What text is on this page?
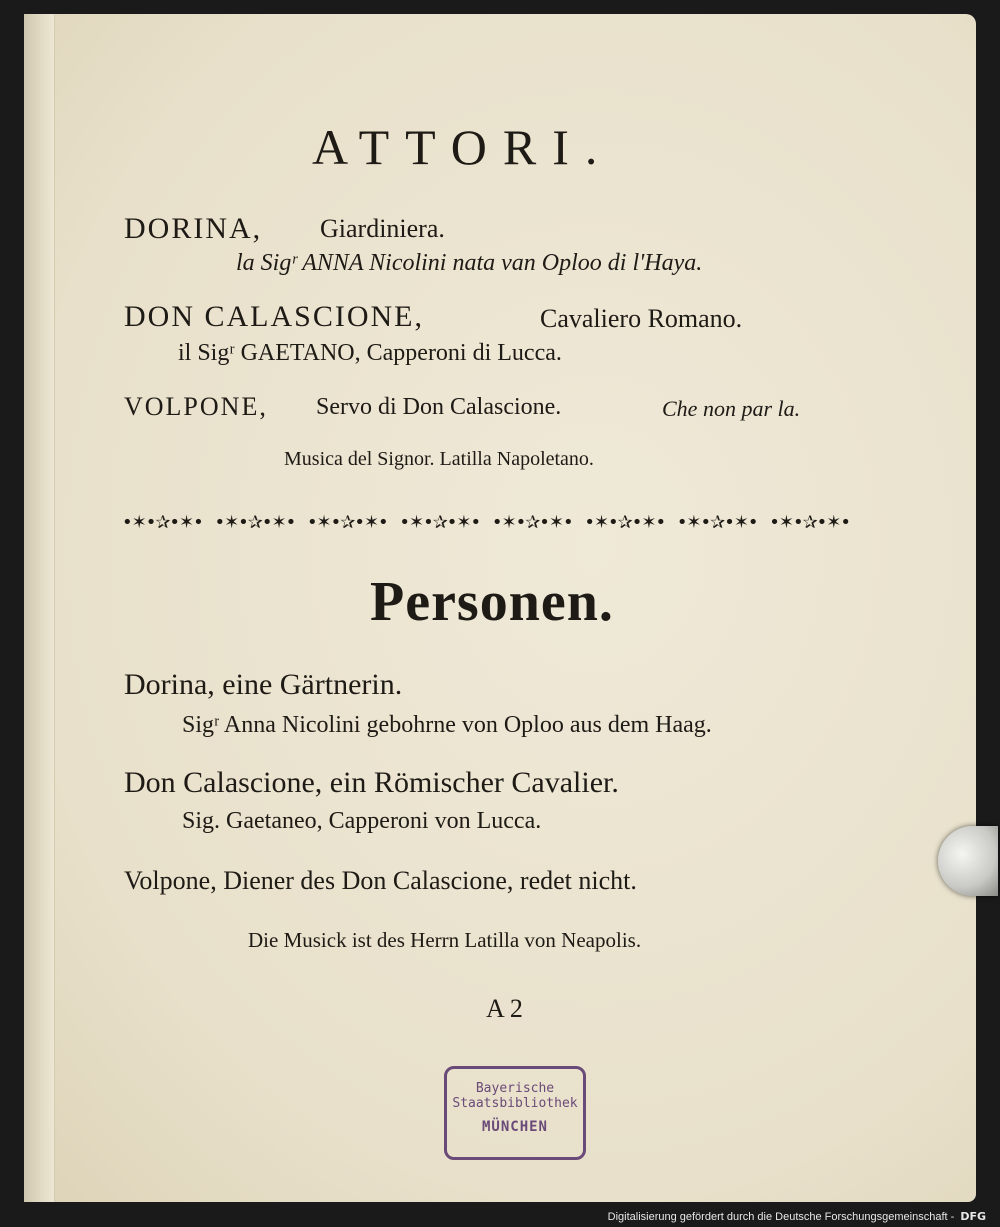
ATTORI.
DORINA, Giardiniera.
la Sigʳ ANNA Nicolini nata van Oploo di l'Haya.
DON CALASCIONE,	Cavaliero Romano.
il Sigʳ GAETANO, Capperoni di Lucca.
VOLPONE, Servo di Don Calascione.	Che non par la.
Musica del Signor. Latilla Napoletano.
•✶•✰•✶• •✶•✰•✶• •✶•✰•✶• •✶•✰•✶• •✶•✰•✶• •✶•✰•✶• •✶•✰•✶• •✶•✰•✶•
Personen.
Dorina, eine Gärtnerin.
Sigʳ Anna Nicolini gebohrne von Oploo aus dem Haag.
Don Calascione, ein Römischer Cavalier.
Sig. Gaetaneo, Capperoni von Lucca.
Volpone, Diener des Don Calascione, redet nicht.
Die Musick ist des Herrn Latilla von Neapolis.
A 2
Bayerische
Staatsbibliothek
MÜNCHEN
Digitalisierung gefördert durch die Deutsche Forschungsgemeinschaft - DFG
